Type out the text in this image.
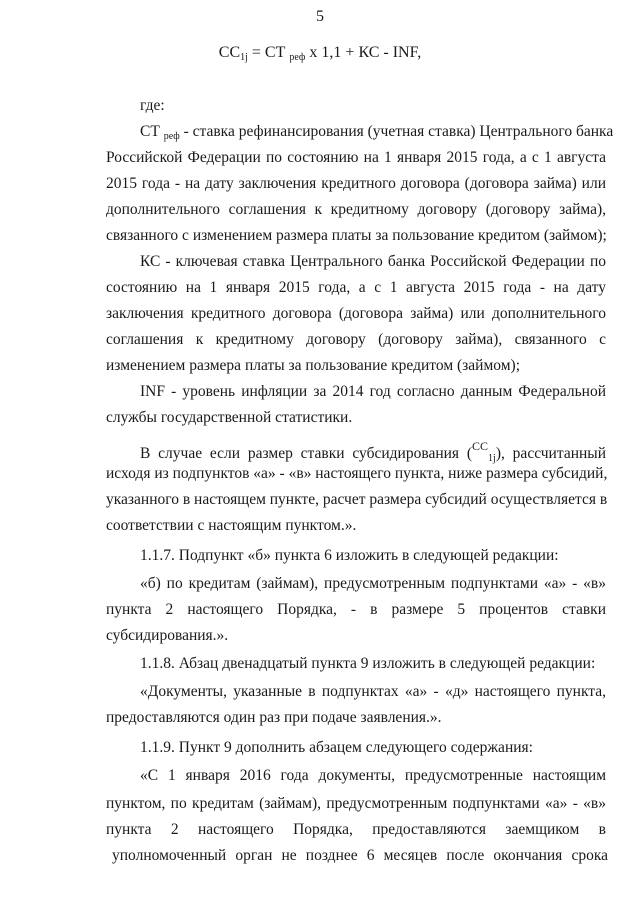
5
$СС_{1j}$ = СТ $_{реф}$ х 1,1 + КС - INF,
где:
СТ $_{реф}$ - ставка рефинансирования (учетная ставка) Центрального банка
Российской Федерации по состоянию на 1 января 2015 года, а с 1 августа
2015 года - на дату заключения кредитного договора (договора займа) или
дополнительного соглашения к кредитному договору (договору займа),
связанного с изменением размера платы за пользование кредитом (займом);
КС - ключевая ставка Центрального банка Российской Федерации по
состоянию на 1 января 2015 года, а с 1 августа 2015 года - на дату
заключения кредитного договора (договора займа) или дополнительного
соглашения к кредитному договору (договору займа), связанного с
изменением размера платы за пользование кредитом (займом);
INF - уровень инфляции за 2014 год согласно данным Федеральной
службы государственной статистики.
В случае если размер ставки субсидирования ($^{СС}_{1j}$), рассчитанный
исходя из подпунктов «а» - «в» настоящего пункта, ниже размера субсидий,
указанного в настоящем пункте, расчет размера субсидий осуществляется в
соответствии с настоящим пунктом.».
1.1.7. Подпункт «б» пункта 6 изложить в следующей редакции:
«б) по кредитам (займам), предусмотренным подпунктами «а» - «в»
пункта 2 настоящего Порядка, - в размере 5 процентов ставки
субсидирования.».
1.1.8. Абзац двенадцатый пункта 9 изложить в следующей редакции:
«Документы, указанные в подпунктах «а» - «д» настоящего пункта,
предоставляются один раз при подаче заявления.».
1.1.9. Пункт 9 дополнить абзацем следующего содержания:
«С 1 января 2016 года документы, предусмотренные настоящим
пунктом, по кредитам (займам), предусмотренным подпунктами «а» - «в»
пункта 2 настоящего Порядка, предоставляются заемщиком в
уполномоченный орган не позднее 6 месяцев после окончания срока
